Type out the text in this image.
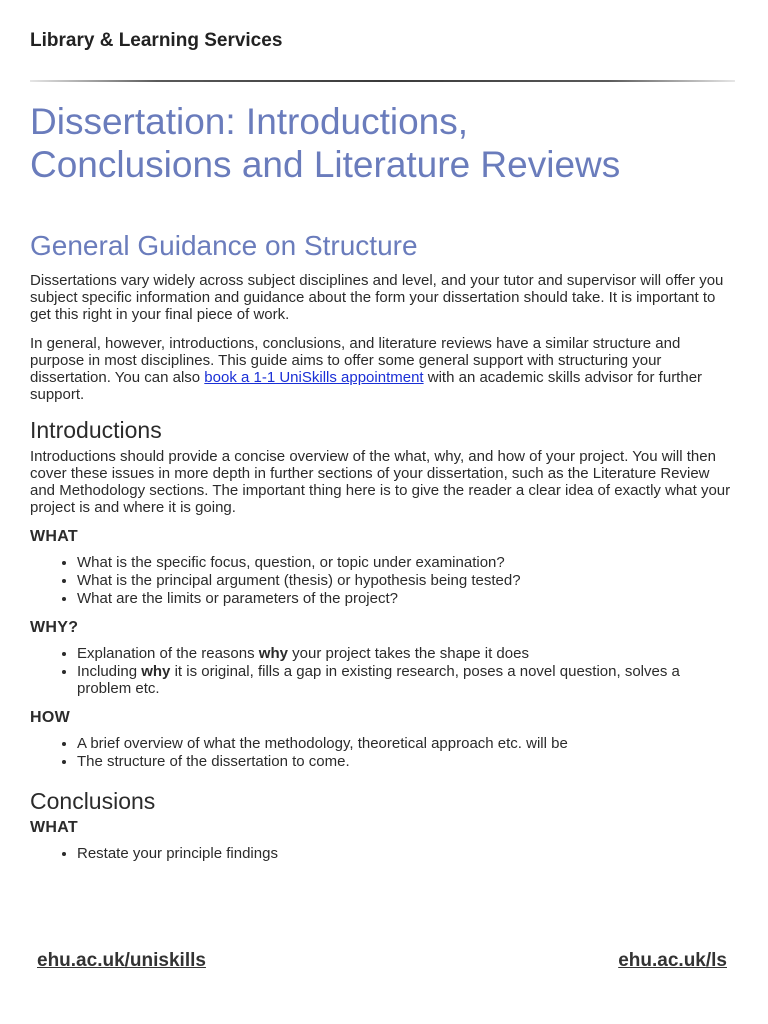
Library & Learning Services
Dissertation: Introductions,
Conclusions and Literature Reviews
General Guidance on Structure

Dissertations vary widely across subject disciplines and level, and your tutor and supervisor will offer you subject specific information and guidance about the form your dissertation should take. It is important to get this right in your final piece of work.

In general, however, introductions, conclusions, and literature reviews have a similar structure and purpose in most disciplines. This guide aims to offer some general support with structuring your dissertation. You can also book a 1-1 UniSkills appointment with an academic skills advisor for further support.

Introductions

Introductions should provide a concise overview of the what, why, and how of your project. You will then cover these issues in more depth in further sections of your dissertation, such as the Literature Review and Methodology sections. The important thing here is to give the reader a clear idea of exactly what your project is and where it is going.

WHAT
• What is the specific focus, question, or topic under examination?
• What is the principal argument (thesis) or hypothesis being tested?
• What are the limits or parameters of the project?
WHY?
• Explanation of the reasons why your project takes the shape it does
• Including why it is original, fills a gap in existing research, poses a novel question, solves a problem etc.
HOW
• A brief overview of what the methodology, theoretical approach etc. will be
• The structure of the dissertation to come.
Conclusions
WHAT
• Restate your principle findings
ehu.ac.uk/uniskills	ehu.ac.uk/ls
